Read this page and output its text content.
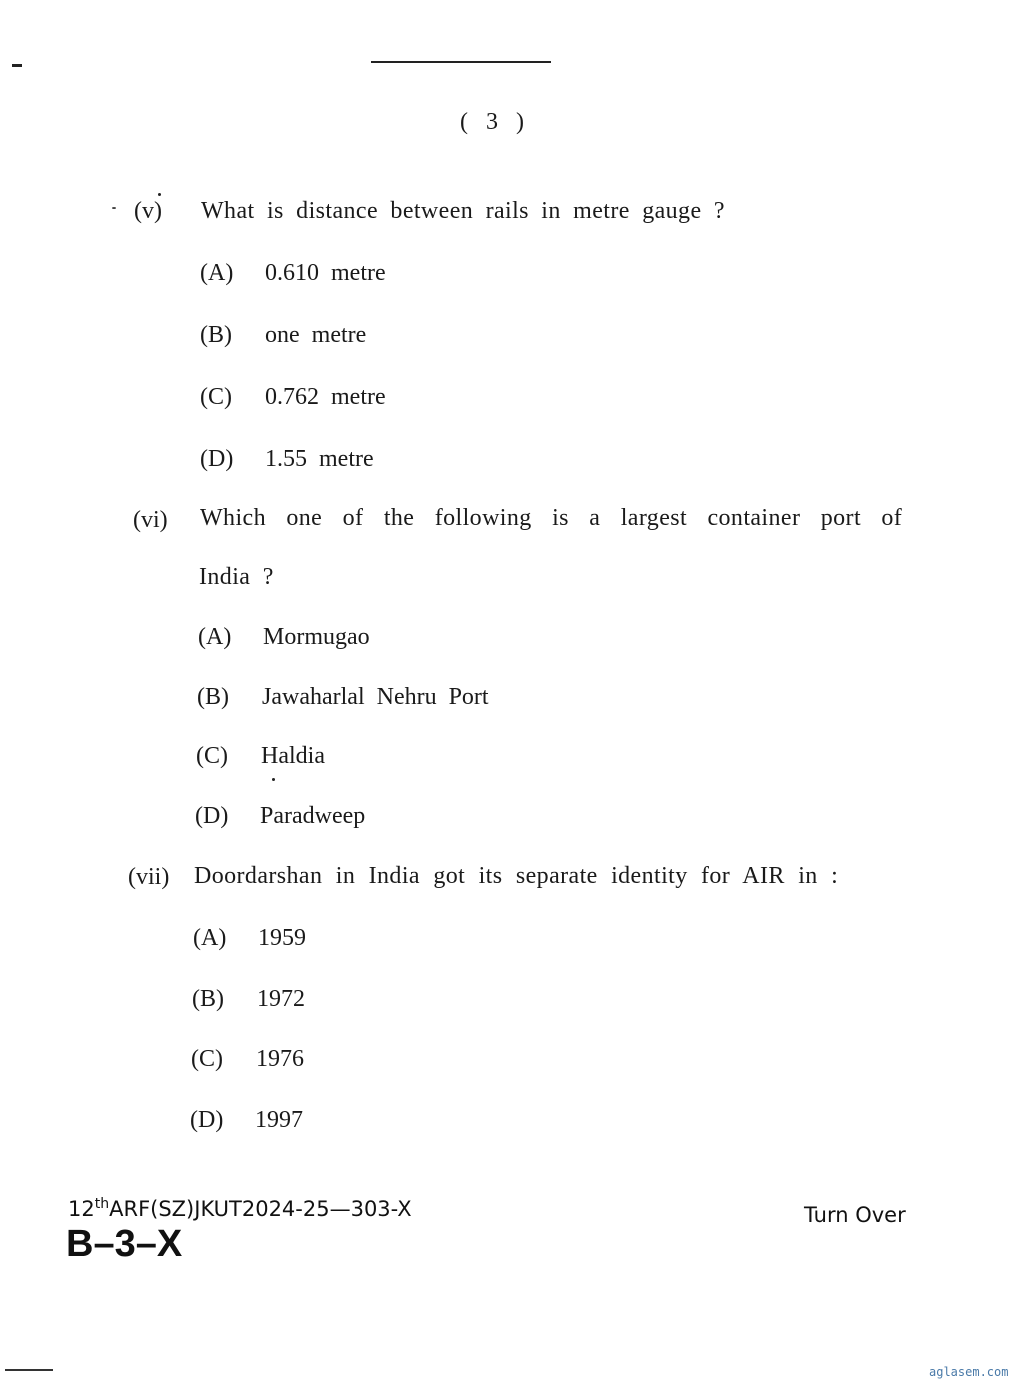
( 3 )
(v) What is distance between rails in metre gauge ?
(A) 0.610 metre
(B) one metre
(C) 0.762 metre
(D) 1.55 metre
(vi) Which one of the following is a largest container port of
India ?
(A) Mormugao
(B) Jawaharlal Nehru Port
(C) Haldia
(D) Paradweep
(vii) Doordarshan in India got its separate identity for AIR in :
(A) 1959
(B) 1972
(C) 1976
(D) 1997
12thARF(SZ)JKUT2024-25—303-X
B–3–X
Turn Over
aglasem.com
